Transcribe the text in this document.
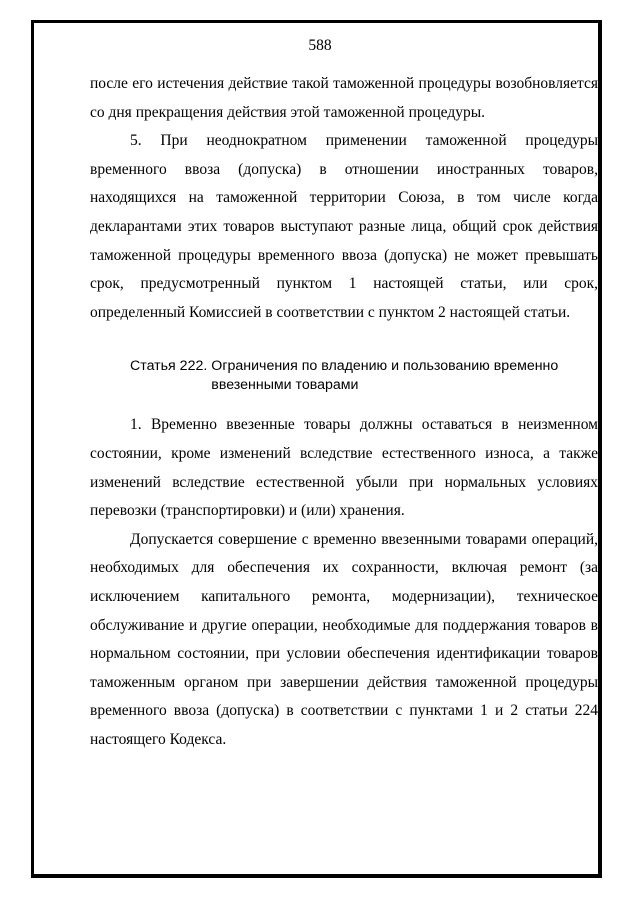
588

после его истечения действие такой таможенной процедуры возобновляется со дня прекращения действия этой таможенной процедуры.

5. При неоднократном применении таможенной процедуры временного ввоза (допуска) в отношении иностранных товаров, находящихся на таможенной территории Союза, в том числе когда декларантами этих товаров выступают разные лица, общий срок действия таможенной процедуры временного ввоза (допуска) не может превышать срок, предусмотренный пунктом 1 настоящей статьи, или срок, определенный Комиссией в соответствии с пунктом 2 настоящей статьи.

Статья 222. Ограничения по владению и пользованию временно ввезенными товарами

1. Временно ввезенные товары должны оставаться в неизменном состоянии, кроме изменений вследствие естественного износа, а также изменений вследствие естественной убыли при нормальных условиях перевозки (транспортировки) и (или) хранения.

Допускается совершение с временно ввезенными товарами операций, необходимых для обеспечения их сохранности, включая ремонт (за исключением капитального ремонта, модернизации), техническое обслуживание и другие операции, необходимые для поддержания товаров в нормальном состоянии, при условии обеспечения идентификации товаров таможенным органом при завершении действия таможенной процедуры временного ввоза (допуска) в соответствии с пунктами 1 и 2 статьи 224 настоящего Кодекса.
